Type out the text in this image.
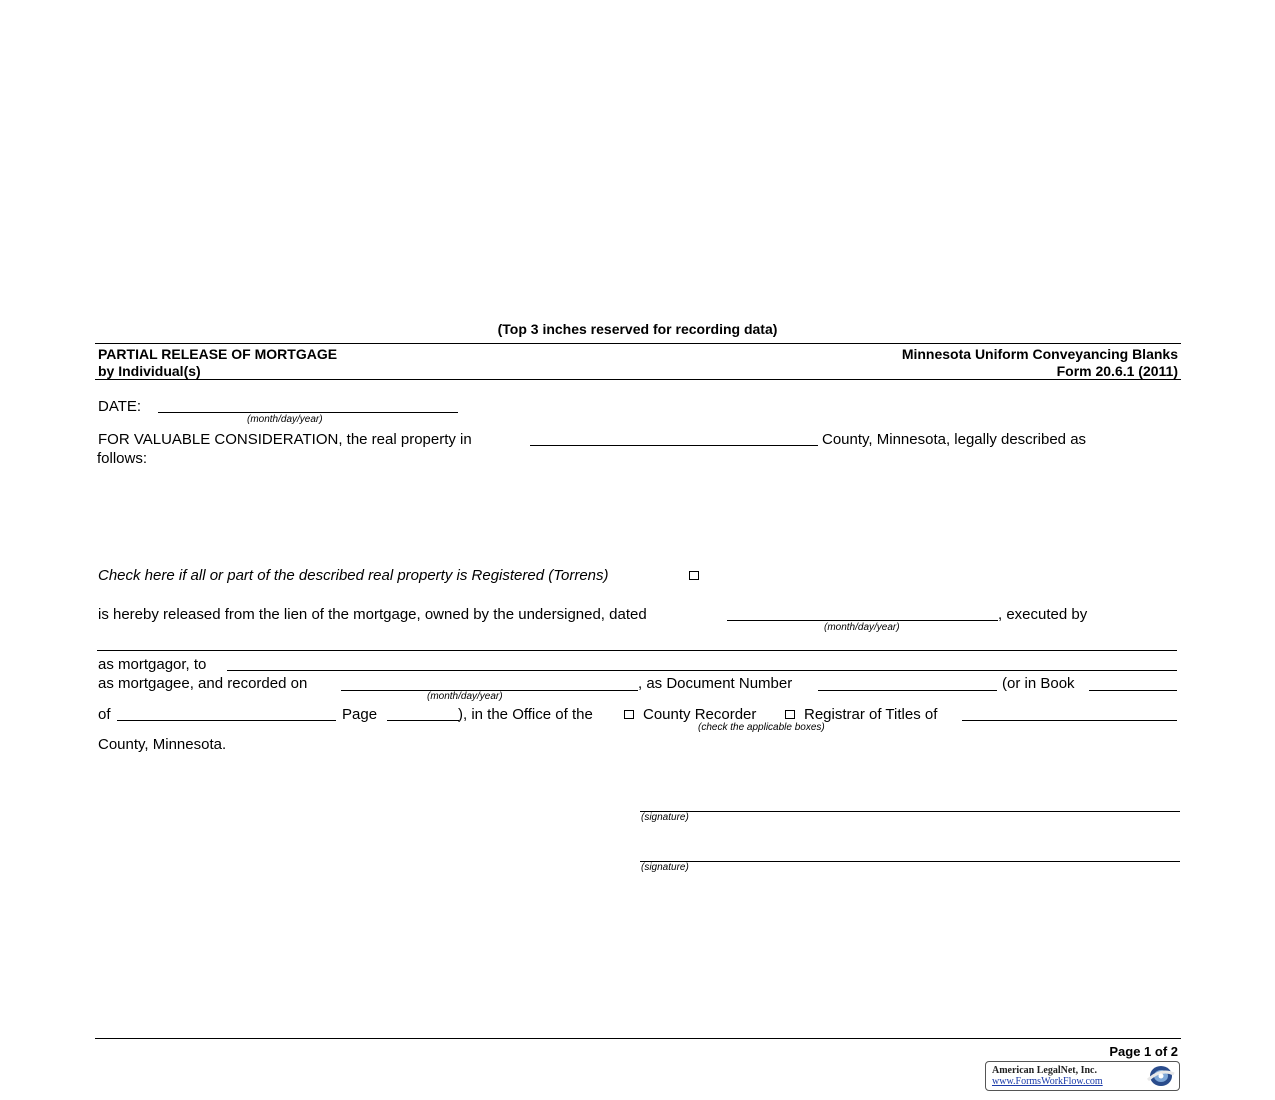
(Top 3 inches reserved for recording data)
PARTIAL RELEASE OF MORTGAGE
by Individual(s)
Minnesota Uniform Conveyancing Blanks
Form 20.6.1 (2011)
DATE:
(month/day/year)
FOR VALUABLE CONSIDERATION, the real property in	County, Minnesota, legally described as
follows:
Check here if all or part of the described real property is Registered (Torrens)
is hereby released from the lien of the mortgage, owned by the undersigned, dated	, executed by
(month/day/year)
as mortgagor, to
as mortgagee, and recorded on	, as Document Number	(or in Book
(month/day/year)
of	Page	), in the Office of the	County Recorder	Registrar of Titles of
(check the applicable boxes)
County, Minnesota.
(signature)
(signature)
Page 1 of 2
American LegalNet, Inc.
www.FormsWorkFlow.com
